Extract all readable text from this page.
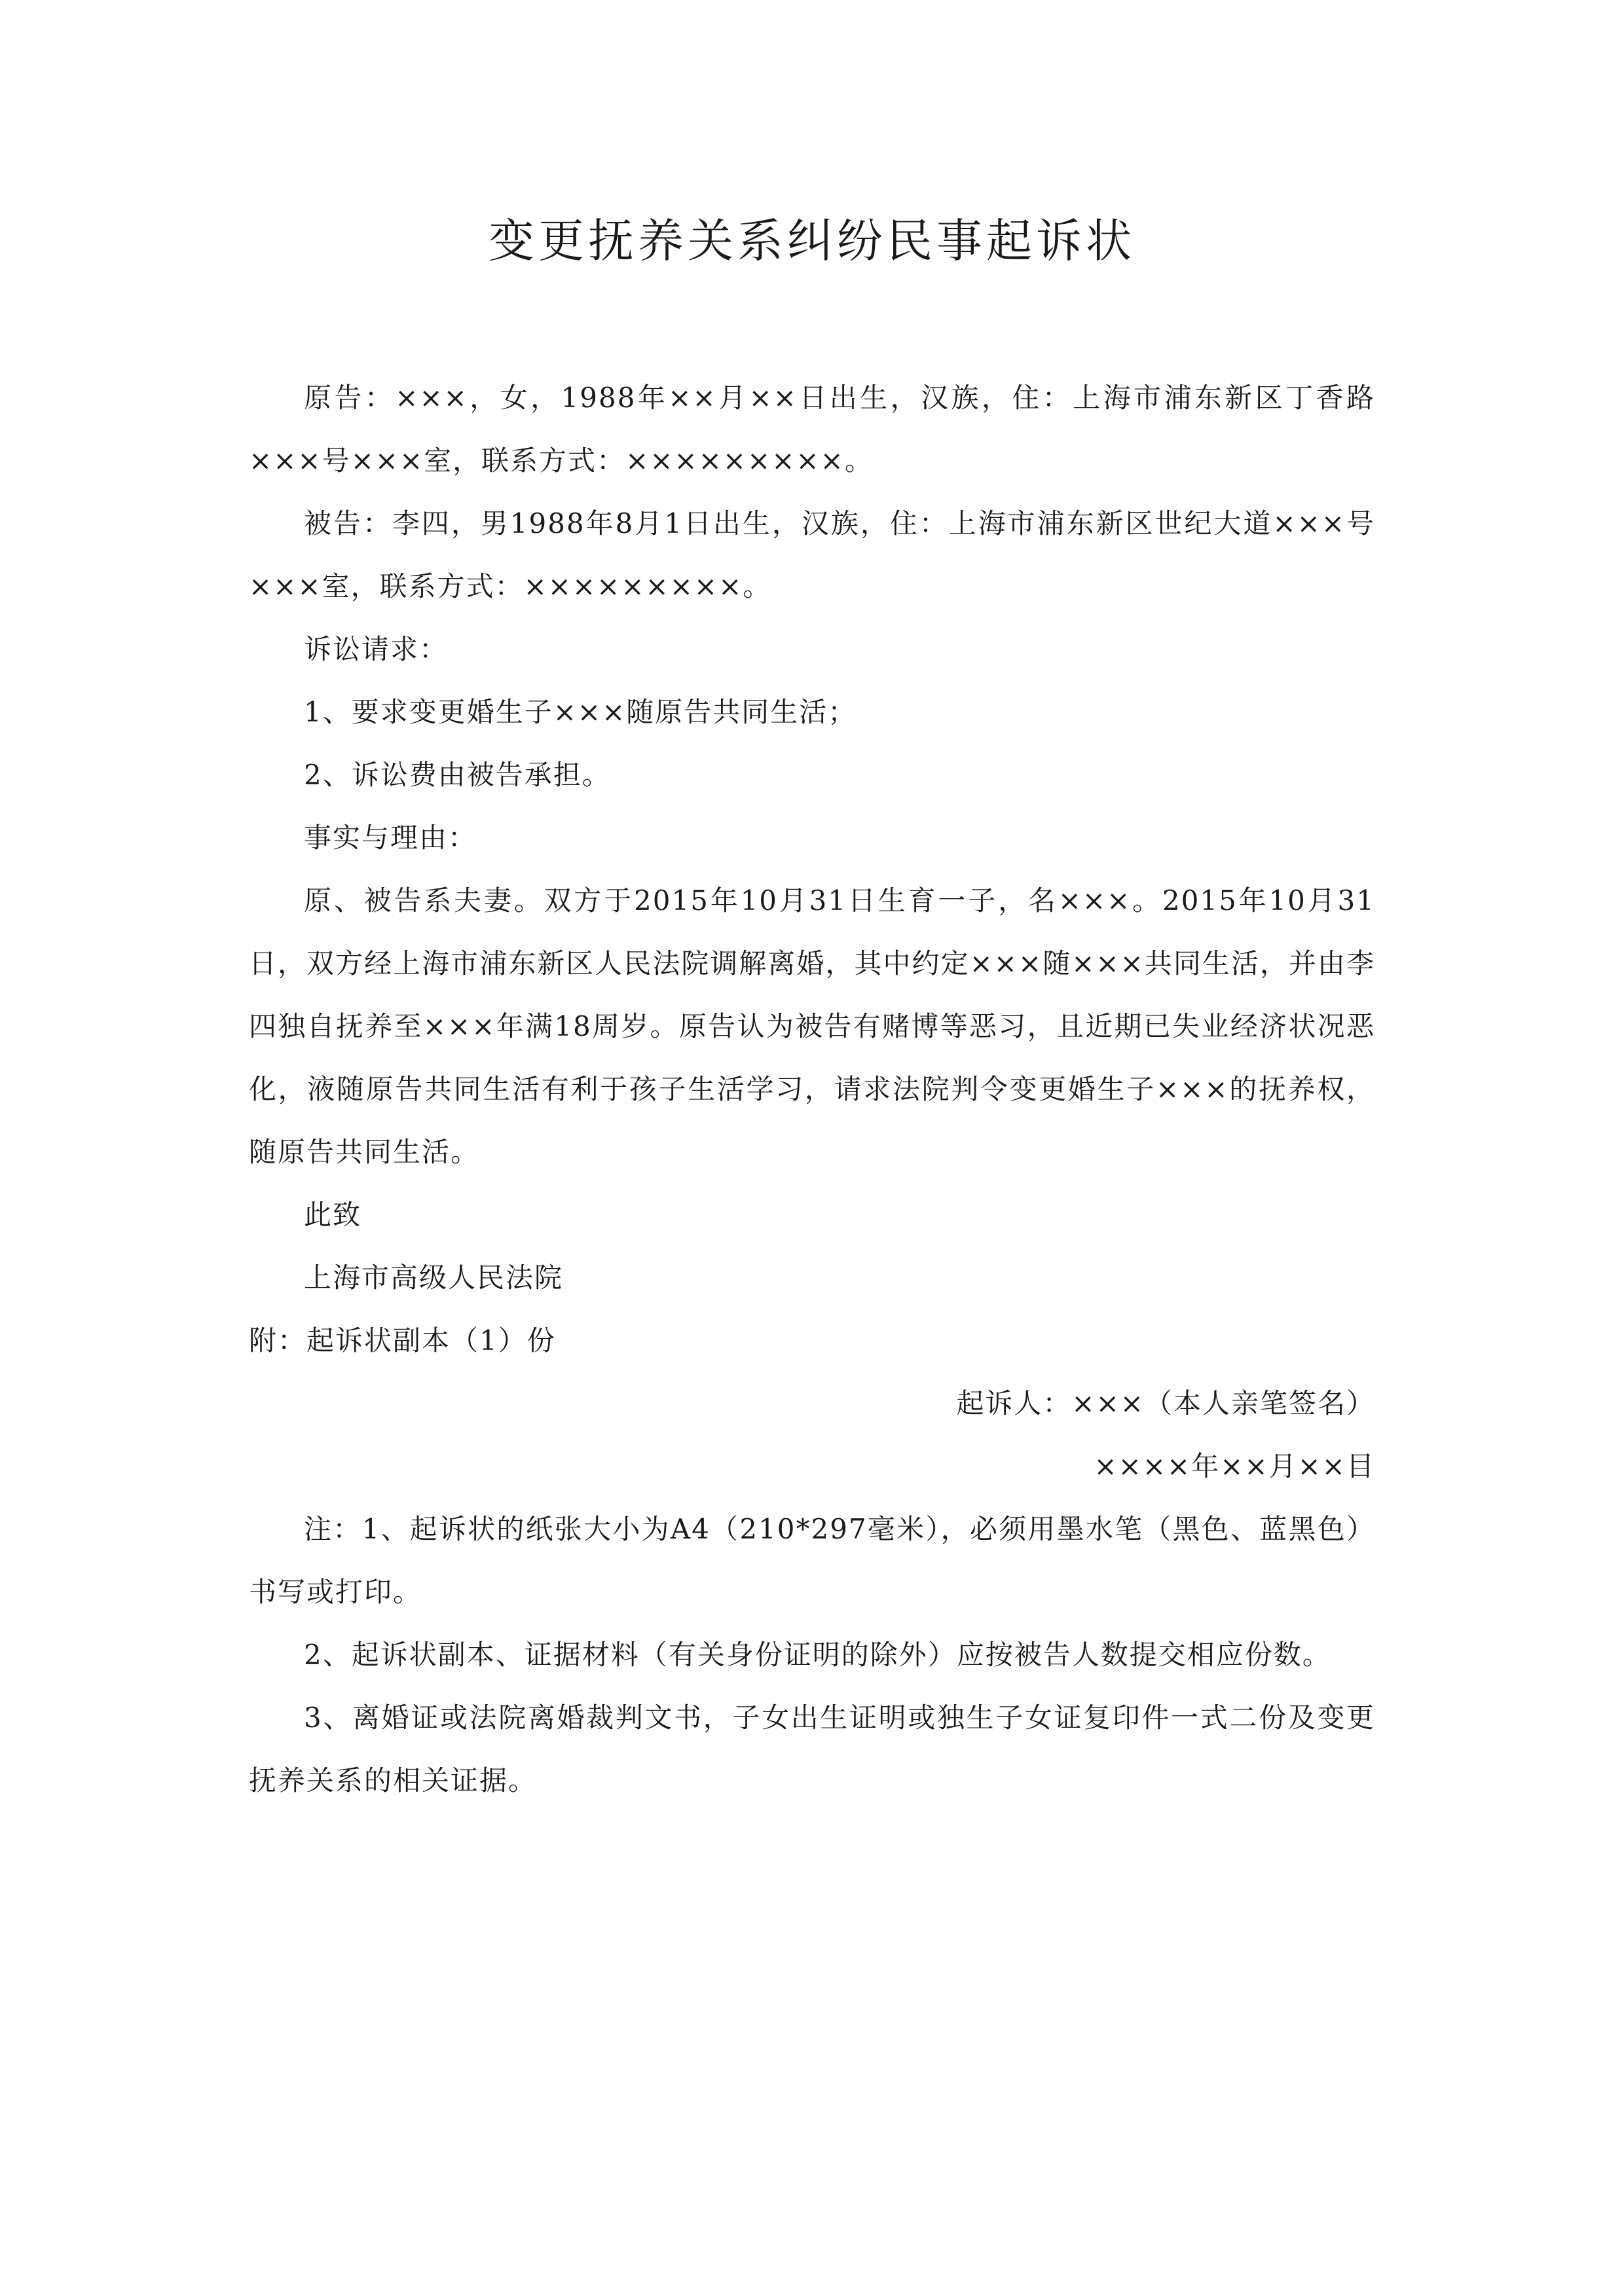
变更抚养关系纠纷民事起诉状

原告：×××，女，1988年××月××日出生，汉族，住：上海市浦东新区丁香路×××号×××室，联系方式：×××××××××。

被告：李四，男1988年8月1日出生，汉族，住：上海市浦东新区世纪大道×××号×××室，联系方式：×××××××××。

诉讼请求：

1、要求变更婚生子×××随原告共同生活；

2、诉讼费由被告承担。

事实与理由：

原、被告系夫妻。双方于2015年10月31日生育一子，名×××。2015年10月31日，双方经上海市浦东新区人民法院调解离婚，其中约定×××随×××共同生活，并由李四独自抚养至×××年满18周岁。原告认为被告有赌博等恶习，且近期已失业经济状况恶化，液随原告共同生活有利于孩子生活学习，请求法院判令变更婚生子×××的抚养权，随原告共同生活。

此致

上海市高级人民法院

附：起诉状副本（1）份

起诉人：×××（本人亲笔签名）

××××年××月××目

注：1、起诉状的纸张大小为A4（210*297毫米），必须用墨水笔（黑色、蓝黑色）书写或打印。

2、起诉状副本、证据材料（有关身份证明的除外）应按被告人数提交相应份数。

3、离婚证或法院离婚裁判文书，子女出生证明或独生子女证复印件一式二份及变更抚养关系的相关证据。
